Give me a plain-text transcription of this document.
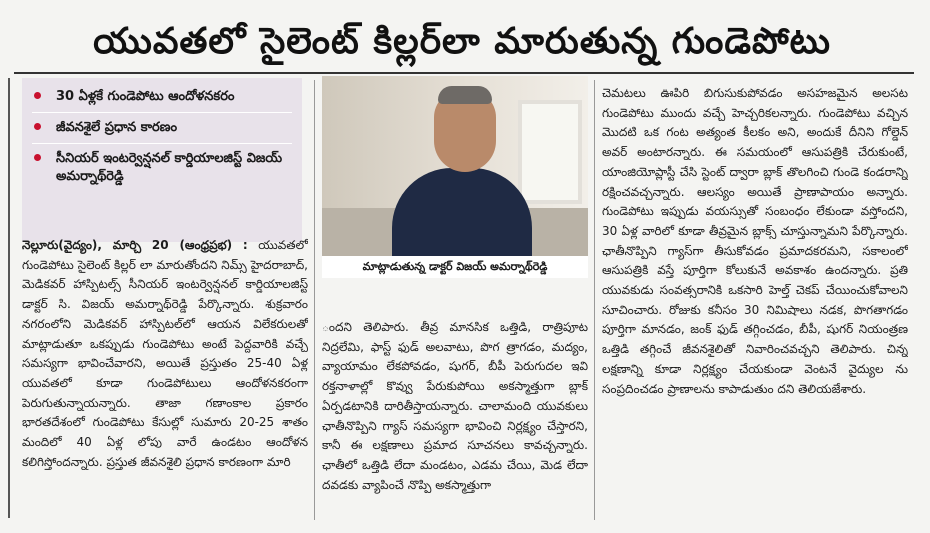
యువతలో సైలెంట్ కిల్లర్‌లా మారుతున్న గుండెపోటు
30 ఏళ్లకే గుండెపోటు ఆందోళనకరం
జీవనశైలే ప్రధాన కారణం
సీనియర్ ఇంటర్వెన్షనల్ కార్డియాలజిస్ట్ విజయ్ అమర్నాథ్‌రెడ్డి
మాట్లాడుతున్న డాక్టర్ విజయ్ అమర్నాథ్‌రెడ్డి

నెల్లూరు(వైద్యం), మార్చి 20 (ఆంధ్రప్రభ) : యువతలో గుండెపోటు సైలెంట్ కిల్లర్ లా మారుతోందని నిమ్స్ హైదరాబాద్, మెడికవర్ హాస్పిటల్స్ సీనియర్ ఇంటర్వెన్షనల్ కార్డియాలజిస్ట్ డాక్టర్ సి. విజయ్ అమర్నాథ్‌రెడ్డి పేర్కొన్నారు. శుక్రవారం నగరంలోని మెడికవర్ హాస్పిటల్‌లో ఆయన విలేకరులతో మాట్లాడుతూ ఒకప్పుడు గుండెపోటు అంటే పెద్దవారికి వచ్చే సమస్యగా భావించేవారని, అయితే ప్రస్తుతం 25-40 ఏళ్ల యువతలో కూడా గుండెపోటులు ఆందోళనకరంగా పెరుగుతున్నాయన్నారు. తాజా గణాంకాల ప్రకారం భారతదేశంలో గుండెపోటు కేసుల్లో సుమారు 20-25 శాతం మందిలో 40 ఏళ్ల లోపు వారే ఉండటం ఆందోళన కలిగిస్తోందన్నారు. ప్రస్తుత జీవనశైలి ప్రధాన కారణంగా మారి

ందని తెలిపారు. తీవ్ర మానసిక ఒత్తిడి, రాత్రిపూట నిద్రలేమి, ఫాస్ట్ ఫుడ్ అలవాటు, పొగ త్రాగడం, మద్యం, వ్యాయామం లేకపోవడం, షుగర్, బీపీ పెరుగుదల ఇవి రక్తనాళాల్లో కొవ్వు పేరుకుపోయి అకస్మాత్తుగా బ్లాక్ ఏర్పడటానికి దారితీస్తాయన్నారు. చాలామంది యువకులు ఛాతీనొప్పిని గ్యాస్ సమస్యగా భావించి నిర్లక్ష్యం చేస్తారని, కానీ ఈ లక్షణాలు ప్రమాద సూచనలు కావచ్చన్నారు. ఛాతీలో ఒత్తిడి లేదా మండటం, ఎడమ చేయి, మెడ లేదా దవడకు వ్యాపించే నొప్పి అకస్మాత్తుగా

చెమటలు ఊపిరి బిగుసుకుపోవడం అసహజమైన అలసట గుండెపోటు ముందు వచ్చే హెచ్చరికలన్నారు. గుండెపోటు వచ్చిన మొదటి ఒక గంట అత్యంత కీలకం అని, అందుకే దీనిని గోల్డెన్ అవర్ అంటారన్నారు. ఈ సమయంలో ఆసుపత్రికి చేరుకుంటే, యాంజియోప్లాస్టీ చేసి స్టెంట్ ద్వారా బ్లాక్ తొలగించి గుండె కండరాన్ని రక్షించవచ్చన్నారు. ఆలస్యం అయితే ప్రాణాపాయం అన్నారు. గుండెపోటు ఇప్పుడు వయస్సుతో సంబంధం లేకుండా వస్తోందని, 30 ఏళ్ల వారిలో కూడా తీవ్రమైన బ్లాక్స్ చూస్తున్నామని పేర్కొన్నారు. ఛాతీనొప్పిని గ్యాస్‌గా తీసుకోవడం ప్రమాదకరమని, సకాలంలో ఆసుపత్రికి వస్తే పూర్తిగా కోలుకునే అవకాశం ఉందన్నారు. ప్రతి యువకుడు సంవత్సరానికి ఒకసారి హెల్త్ చెకప్ చేయించుకోవాలని సూచించారు. రోజుకు కనీసం 30 నిమిషాలు నడక, పొగతాగడం పూర్తిగా మానడం, జంక్ ఫుడ్ తగ్గించడం, బీపీ, షుగర్ నియంత్రణ ఒత్తిడి తగ్గించే జీవనశైలితో నివారించవచ్చని తెలిపారు. చిన్న లక్షణాన్ని కూడా నిర్లక్ష్యం చేయకుండా వెంటనే వైద్యుల ను సంప్రదించడం ప్రాణాలను కాపాడుతుం దని తెలియజేశారు.
